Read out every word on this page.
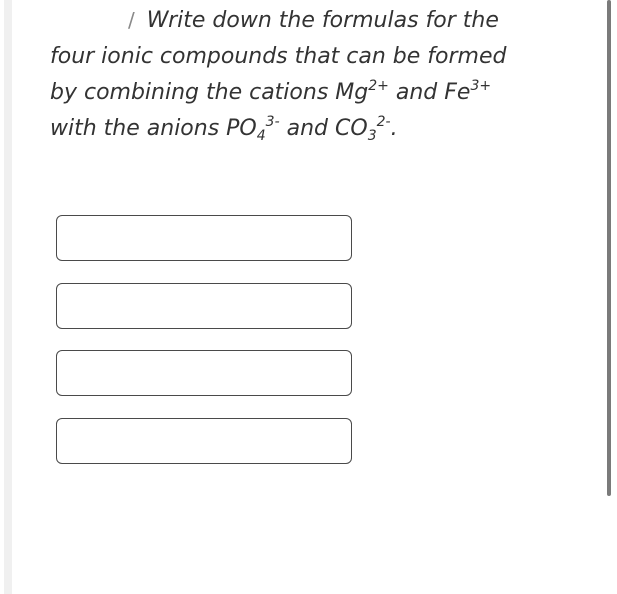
/ Write down the formulas for the
four ionic compounds that can be formed
by combining the cations $Mg^{2+}$ and $Fe^{3+}$
with the anions $PO_4^{3-}$ and $CO_3^{2-}$.
